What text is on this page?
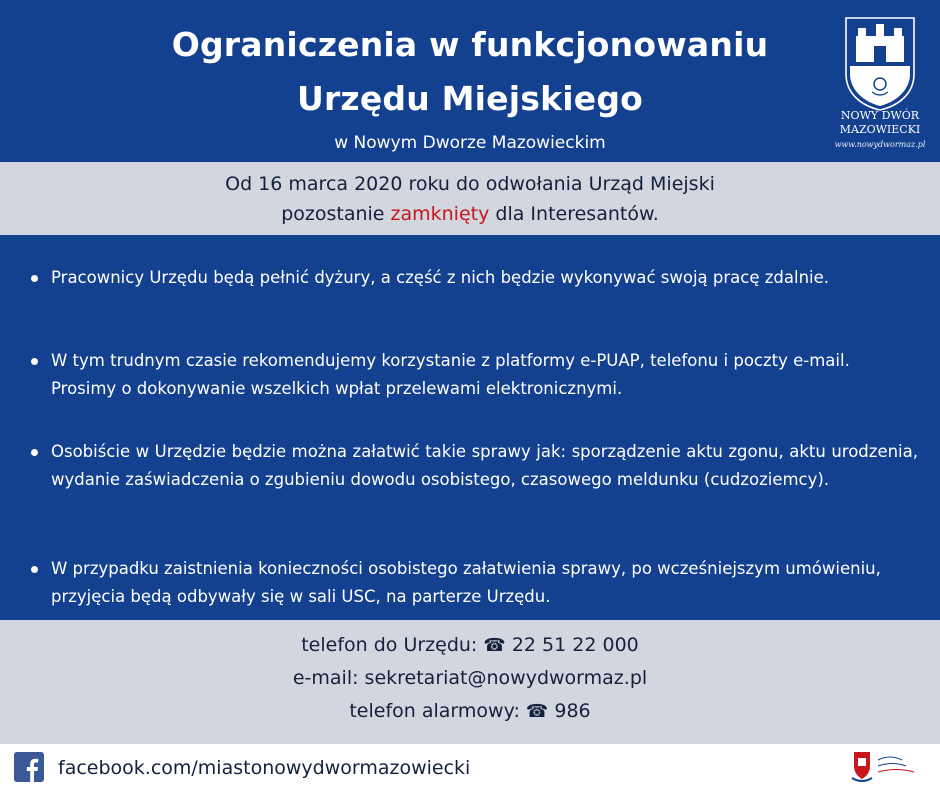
Ograniczenia w funkcjonowaniu
Urzędu Miejskiego
w Nowym Dworze Mazowieckim
NOWY DWÓR
MAZOWIECKI
www.nowydwormaz.pl
Od 16 marca 2020 roku do odwołania Urząd Miejski
pozostanie zamknięty dla Interesantów.
Pracownicy Urzędu będą pełnić dyżury, a część z nich będzie wykonywać swoją pracę zdalnie.
W tym trudnym czasie rekomendujemy korzystanie z platformy e-PUAP, telefonu i poczty e-mail. Prosimy o dokonywanie wszelkich wpłat przelewami elektronicznymi.
Osobiście w Urzędzie będzie można załatwić takie sprawy jak: sporządzenie aktu zgonu, aktu urodzenia, wydanie zaświadczenia o zgubieniu dowodu osobistego, czasowego meldunku (cudzoziemcy).
W przypadku zaistnienia konieczności osobistego załatwienia sprawy, po wcześniejszym umówieniu, przyjęcia będą odbywały się w sali USC, na parterze Urzędu.
telefon do Urzędu: ☎ 22 51 22 000
e-mail: sekretariat@nowydwormaz.pl
telefon alarmowy: ☎ 986
facebook.com/miastonowydwormazowiecki
